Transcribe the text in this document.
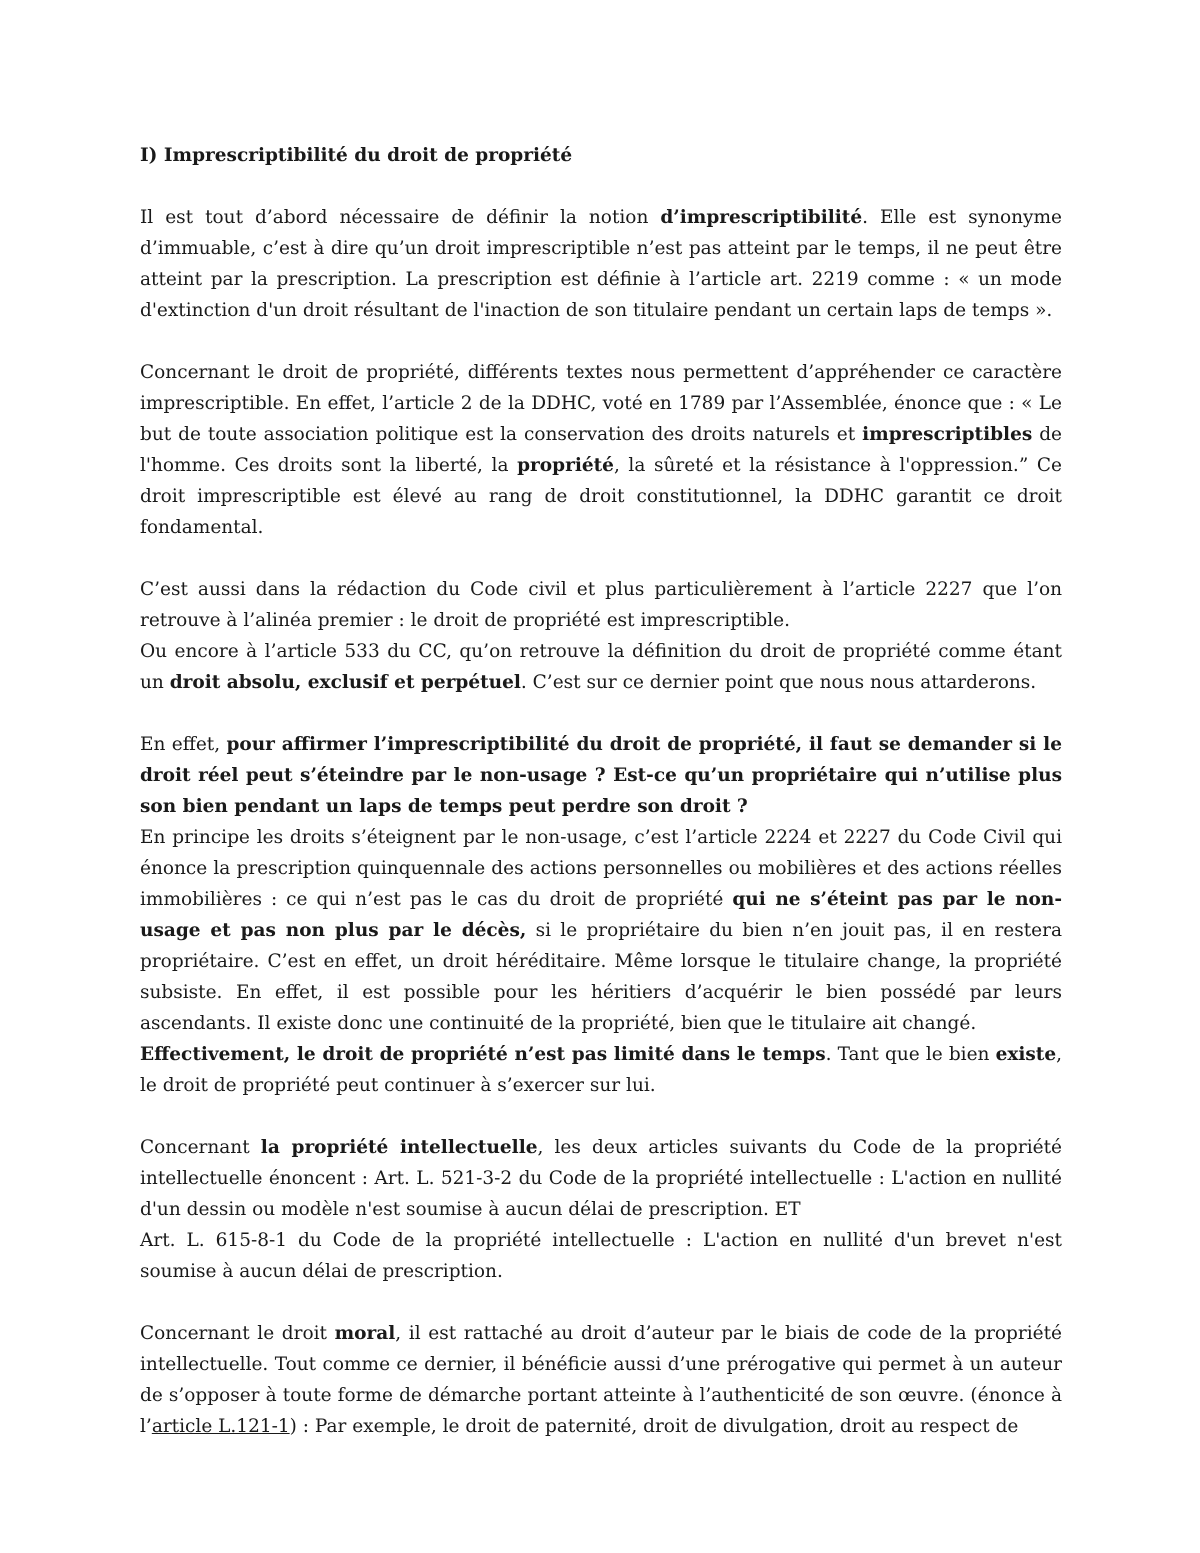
I) Imprescriptibilité du droit de propriété

Il est tout d’abord nécessaire de définir la notion d’imprescriptibilité. Elle est synonyme d’immuable, c’est à dire qu’un droit imprescriptible n’est pas atteint par le temps, il ne peut être atteint par la prescription. La prescription est définie à l’article art. 2219 comme : « un mode d'extinction d'un droit résultant de l'inaction de son titulaire pendant un certain laps de temps ».

Concernant le droit de propriété, différents textes nous permettent d’appréhender ce caractère imprescriptible. En effet, l’article 2 de la DDHC, voté en 1789 par l’Assemblée, énonce que : « Le but de toute association politique est la conservation des droits naturels et imprescriptibles de l'homme. Ces droits sont la liberté, la propriété, la sûreté et la résistance à l'oppression.” Ce droit imprescriptible est élevé au rang de droit constitutionnel, la DDHC garantit ce droit fondamental.

C’est aussi dans la rédaction du Code civil et plus particulièrement à l’article 2227 que l’on retrouve à l’alinéa premier : le droit de propriété est imprescriptible.

Ou encore à l’article 533 du CC, qu’on retrouve la définition du droit de propriété comme étant un droit absolu, exclusif et perpétuel. C’est sur ce dernier point que nous nous attarderons.

En effet, pour affirmer l’imprescriptibilité du droit de propriété, il faut se demander si le droit réel peut s’éteindre par le non-usage ? Est-ce qu’un propriétaire qui n’utilise plus son bien pendant un laps de temps peut perdre son droit ?

En principe les droits s’éteignent par le non-usage, c’est l’article 2224 et 2227 du Code Civil qui énonce la prescription quinquennale des actions personnelles ou mobilières et des actions réelles immobilières : ce qui n’est pas le cas du droit de propriété qui ne s’éteint pas par le non-usage et pas non plus par le décès, si le propriétaire du bien n’en jouit pas, il en restera propriétaire. C’est en effet, un droit héréditaire. Même lorsque le titulaire change, la propriété subsiste. En effet, il est possible pour les héritiers d’acquérir le bien possédé par leurs ascendants. Il existe donc une continuité de la propriété, bien que le titulaire ait changé.

Effectivement, le droit de propriété n’est pas limité dans le temps. Tant que le bien existe, le droit de propriété peut continuer à s’exercer sur lui.

Concernant la propriété intellectuelle, les deux articles suivants du Code de la propriété intellectuelle énoncent : Art. L. 521-3-2 du Code de la propriété intellectuelle : L'action en nullité d'un dessin ou modèle n'est soumise à aucun délai de prescription. ET

Art. L. 615-8-1 du Code de la propriété intellectuelle : L'action en nullité d'un brevet n'est soumise à aucun délai de prescription.

Concernant le droit moral, il est rattaché au droit d’auteur par le biais de code de la propriété intellectuelle. Tout comme ce dernier, il bénéficie aussi d’une prérogative qui permet à un auteur de s’opposer à toute forme de démarche portant atteinte à l’authenticité de son œuvre. (énonce à l’article L.121-1) : Par exemple, le droit de paternité, droit de divulgation, droit au respect de
